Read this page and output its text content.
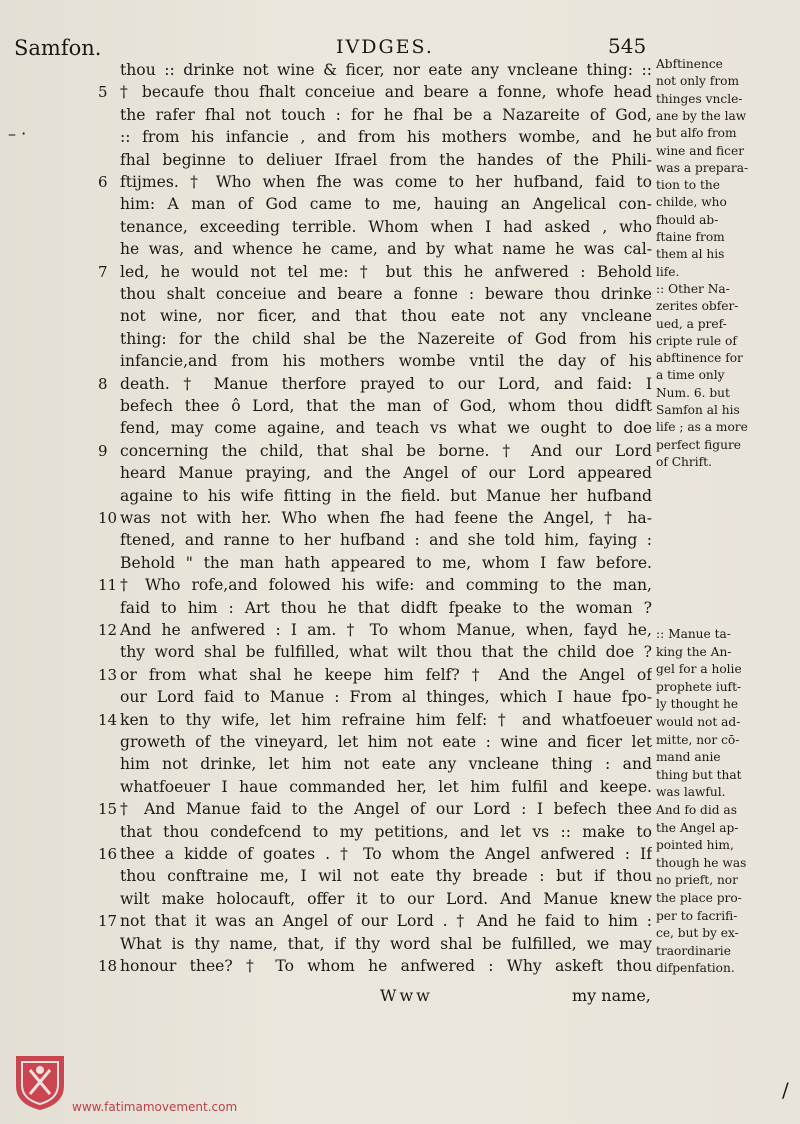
Samfon.	IVDGES.	545
– ·
thou :: drinke not wine & ficer, nor eate any vncleane thing: ::
5 † becaufe thou fhalt conceiue and beare a fonne, whofe head
the rafer fhal not touch : for he fhal be a Nazareite of God,
:: from his infancie , and from his mothers wombe, and he
fhal beginne to deliuer Ifrael from the handes of the Phili-
6 ftijmes. † Who when fhe was come to her hufband, faid to
him: A man of God came to me, hauing an Angelical con-
tenance, exceeding terrible. Whom when I had asked , who
he was, and whence he came, and by what name he was cal-
7 led, he would not tel me: † but this he anfwered : Behold
thou shalt conceiue and beare a fonne : beware thou drinke
not wine, nor ficer, and that thou eate not any vncleane
thing: for the child shal be the Nazereite of God from his
infancie,and from his mothers wombe vntil the day of his
8 death. † Manue therfore prayed to our Lord, and faid: I
befech thee ô Lord, that the man of God, whom thou didft
fend, may come againe, and teach vs what we ought to doe
9 concerning the child, that shal be borne. † And our Lord
heard Manue praying, and the Angel of our Lord appeared
againe to his wife fitting in the field. but Manue her hufband
10 was not with her. Who when fhe had feene the Angel, † ha-
ftened, and ranne to her hufband : and she told him, faying :
Behold " the man hath appeared to me, whom I faw before.
11 † Who rofe,and folowed his wife: and comming to the man,
faid to him : Art thou he that didft fpeake to the woman ?
12 And he anfwered : I am. † To whom Manue, when, fayd he,
thy word shal be fulfilled, what wilt thou that the child doe ?
13 or from what shal he keepe him felf? † And the Angel of
our Lord faid to Manue : From al thinges, which I haue fpo-
14 ken to thy wife, let him refraine him felf: † and whatfoeuer
groweth of the vineyard, let him not eate : wine and ficer let
him not drinke, let him not eate any vncleane thing : and
whatfoeuer I haue commanded her, let him fulfil and keepe.
15 † And Manue faid to the Angel of our Lord : I befech thee
that thou condefcend to my petitions, and let vs :: make to
16 thee a kidde of goates . † To whom the Angel anfwered : If
thou conftraine me, I wil not eate thy breade : but if thou
wilt make holocauft, offer it to our Lord. And Manue knew
17 not that it was an Angel of our Lord . † And he faid to him :
What is thy name, that, if thy word shal be fulfilled, we may
18 honour thee? † To whom he anfwered : Why askeft thou
Abftinence
not only from
thinges vncle-
ane by the law
but alfo from
wine and ficer
was a prepara-
tion to the
childe, who
fhould ab-
ftaine from
them al his
life.
:: Other Na-
zerites obfer-
ued, a pref-
cripte rule of
abftinence for
a time only
Num. 6. but
Samfon al his
life ; as a more
perfect figure
of Chrift.
:: Manue ta-
king the An-
gel for a holie
prophete iuft-
ly thought he
would not ad-
mitte, nor cō-
mand anie
thing but that
was lawful.
And fo did as
the Angel ap-
pointed him,
though he was
no prieft, nor
the place pro-
per to facrifi-
ce, but by ex-
traordinarie
difpenfation.
Www	my name,
www.fatimamovement.com
/
